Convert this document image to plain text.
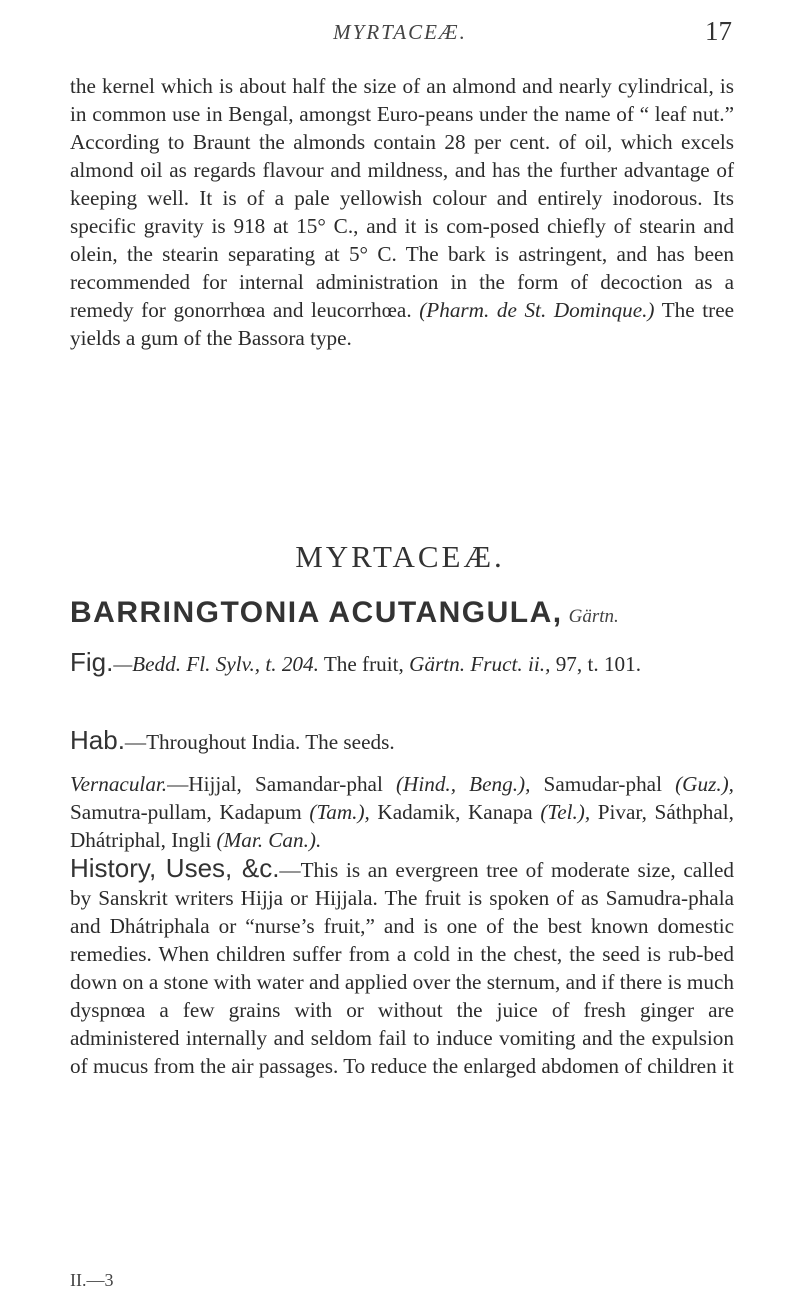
MYRTACEÆ.	17

the kernel which is about half the size of an almond and nearly cylindrical, is in common use in Bengal, amongst Euro-peans under the name of “ leaf nut.” According to Braunt the almonds contain 28 per cent. of oil, which excels almond oil as regards flavour and mildness, and has the further advantage of keeping well. It is of a pale yellowish colour and entirely inodorous. Its specific gravity is 918 at 15° C., and it is com-posed chiefly of stearin and olein, the stearin separating at 5° C. The bark is astringent, and has been recommended for internal administration in the form of decoction as a remedy for gonorrhœa and leucorrhœa. (Pharm. de St. Dominque.) The tree yields a gum of the Bassora type.

MYRTACEÆ.
BARRINGTONIA ACUTANGULA, Gärtn.

Fig.—Bedd. Fl. Sylv., t. 204. The fruit, Gärtn. Fruct. ii., 97, t. 101.

Hab.—Throughout India. The seeds.

Vernacular.—Hijjal, Samandar-phal (Hind., Beng.), Samudar-phal (Guz.), Samutra-pullam, Kadapum (Tam.), Kadamik, Kanapa (Tel.), Pivar, Sáthphal, Dhátriphal, Ingli (Mar. Can.).

History, Uses, &c.—This is an evergreen tree of moderate size, called by Sanskrit writers Hijja or Hijjala. The fruit is spoken of as Samudra-phala and Dhátriphala or “nurse’s fruit,” and is one of the best known domestic remedies. When children suffer from a cold in the chest, the seed is rub-bed down on a stone with water and applied over the sternum, and if there is much dyspnœa a few grains with or without the juice of fresh ginger are administered internally and seldom fail to induce vomiting and the expulsion of mucus from the air passages. To reduce the enlarged abdomen of children it

II.—3
